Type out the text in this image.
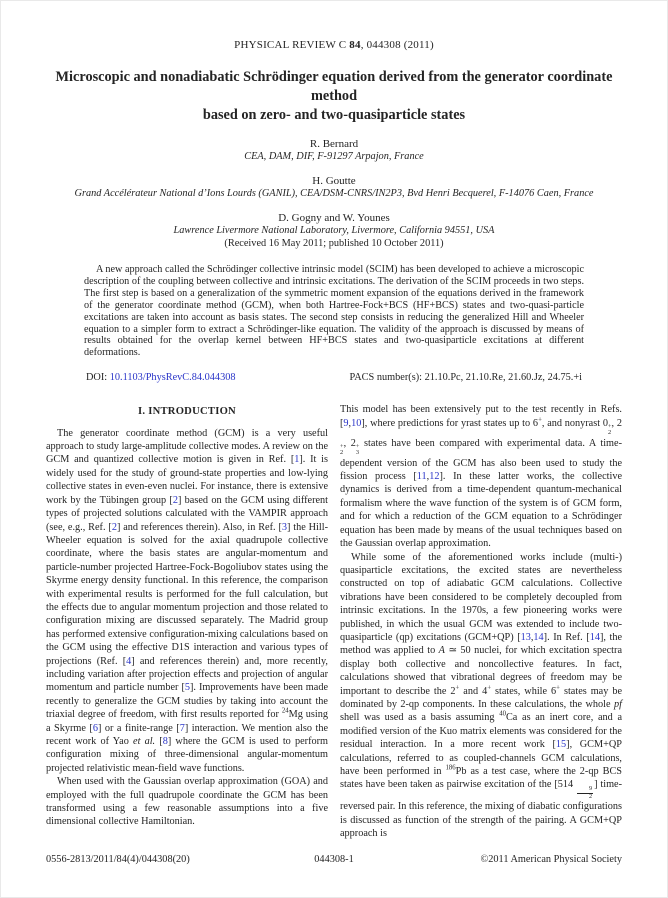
PHYSICAL REVIEW C 84, 044308 (2011)
Microscopic and nonadiabatic Schrödinger equation derived from the generator coordinate method
based on zero- and two-quasiparticle states
R. Bernard
CEA, DAM, DIF, F-91297 Arpajon, France
H. Goutte
Grand Accélérateur National d’Ions Lourds (GANIL), CEA/DSM-CNRS/IN2P3, Bvd Henri Becquerel, F-14076 Caen, France
D. Gogny and W. Younes
Lawrence Livermore National Laboratory, Livermore, California 94551, USA
(Received 16 May 2011; published 10 October 2011)

A new approach called the Schrödinger collective intrinsic model (SCIM) has been developed to achieve a microscopic description of the coupling between collective and intrinsic excitations. The derivation of the SCIM proceeds in two steps. The first step is based on a generalization of the symmetric moment expansion of the equations derived in the framework of the generator coordinate method (GCM), when both Hartree-Fock+BCS (HF+BCS) states and two-quasi-particle excitations are taken into account as basis states. The second step consists in reducing the generalized Hill and Wheeler equation to a simpler form to extract a Schrödinger-like equation. The validity of the approach is discussed by means of results obtained for the overlap kernel between HF+BCS states and two-quasiparticle excitations at different deformations.

DOI: 10.1103/PhysRevC.84.044308	PACS number(s): 21.10.Pc, 21.10.Re, 21.60.Jz, 24.75.+i
I. INTRODUCTION

The generator coordinate method (GCM) is a very useful approach to study large-amplitude collective modes. A review on the GCM and quantized collective motion is given in Ref. [1]. It is widely used for the study of ground-state properties and low-lying collective states in even-even nuclei. For instance, there is extensive work by the Tübingen group [2] based on the GCM using different types of projected solutions calculated with the VAMPIR approach (see, e.g., Ref. [2] and references therein). Also, in Ref. [3] the Hill-Wheeler equation is solved for the axial quadrupole collective coordinate, where the basis states are angular-momentum and particle-number projected Hartree-Fock-Bogoliubov states using the Skyrme energy density functional. In this reference, the comparison with experimental results is performed for the full calculation, but the effects due to angular momentum projection and those related to configuration mixing are discussed separately. The Madrid group has performed extensive configuration-mixing calculations based on the GCM using the effective D1S interaction and various types of projections (Ref. [4] and references therein) and, more recently, including variation after projection effects and projection of angular momentum and particle number [5]. Improvements have been made recently to generalize the GCM studies by taking into account the triaxial degree of freedom, with first results reported for $^{24}$Mg using a Skyrme [6] or a finite-range [7] interaction. We mention also the recent work of Yao et al. [8] where the GCM is used to perform configuration mixing of three-dimensional angular-momentum projected relativistic mean-field wave functions.

When used with the Gaussian overlap approximation (GOA) and employed with the full quadrupole coordinate the GCM has been transformed using a few reasonable assumptions into a five dimensional collective Hamiltonian.

This model has been extensively put to the test recently in Refs. [9,10], where predictions for yrast states up to 6+, and nonyrast 0 +
2
, 2
+
2
, 2 +
3
states have been compared with experimental data. A time-dependent version of the GCM has also been used to study the fission process [11,12]. In these latter works, the collective dynamics is derived from a time-dependent quantum-mechanical formalism where the wave function of the system is of GCM form, and for which a reduction of the GCM equation to a Schrödinger equation has been made by means of the usual techniques based on the Gaussian overlap approximation.

While some of the aforementioned works include (multi-) quasiparticle excitations, the excited states are nevertheless constructed on top of adiabatic GCM calculations. Collective vibrations have been considered to be completely decoupled from intrinsic excitations. In the 1970s, a few pioneering works were published, in which the usual GCM was extended to include two-quasiparticle (qp) excitations (GCM+QP) [13,14]. In Ref. [14], the method was applied to A ≃ 50 nuclei, for which excitation spectra display both collective and noncollective features. In fact, calculations showed that vibrational degrees of freedom may be important to describe the 2+ and 4+ states, while 6+ states may be dominated by 2-qp components. In these calculations, the whole pf shell was used as a basis assuming $^{40}$Ca as an inert core, and a modified version of the Kuo matrix elements was considered for the residual interaction. In a more recent work [15], GCM+QP calculations, referred to as coupled-channels GCM calculations, have been performed in $^{186}$Pb as a test case, where the 2-qp BCS states have been taken as pairwise excitation of the [514
$\frac{9}{2}$
] time-reversed pair. In this reference, the mixing of diabatic configurations is discussed as function of the strength of the pairing. A GCM+QP approach is

0556-2813/2011/84(4)/044308(20)	044308-1	©2011 American Physical Society
